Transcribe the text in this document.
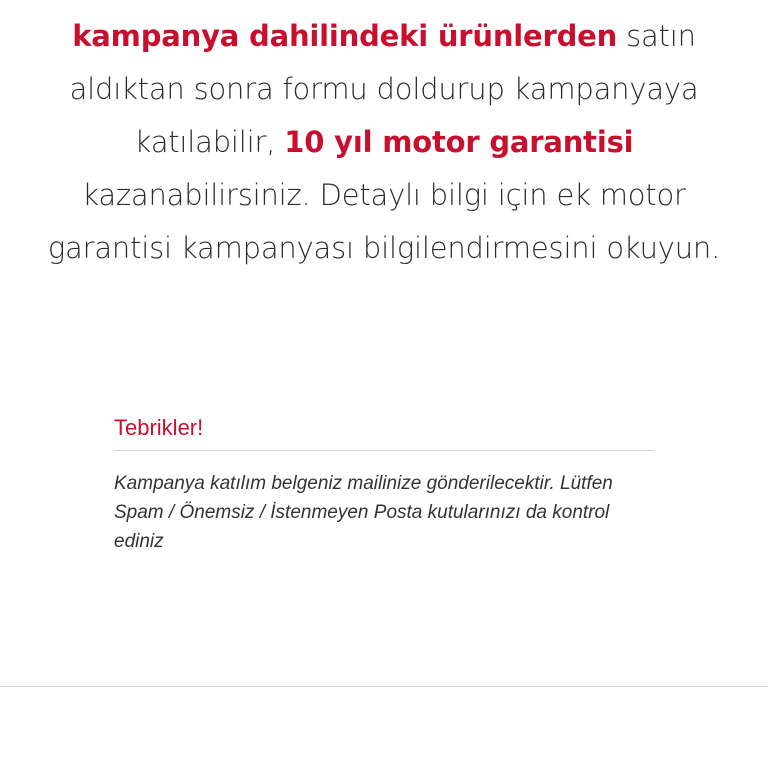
kampanya dahilindeki ürünlerden satın aldıktan sonra formu doldurup kampanyaya katılabilir, 10 yıl motor garantisi kazanabilirsiniz. Detaylı bilgi için ek motor garantisi kampanyası bilgilendirmesini okuyun.
Tebrikler!
Kampanya katılım belgeniz mailinize gönderilecektir. Lütfen Spam / Önemsiz / İstenmeyen Posta kutularınızı da kontrol ediniz
